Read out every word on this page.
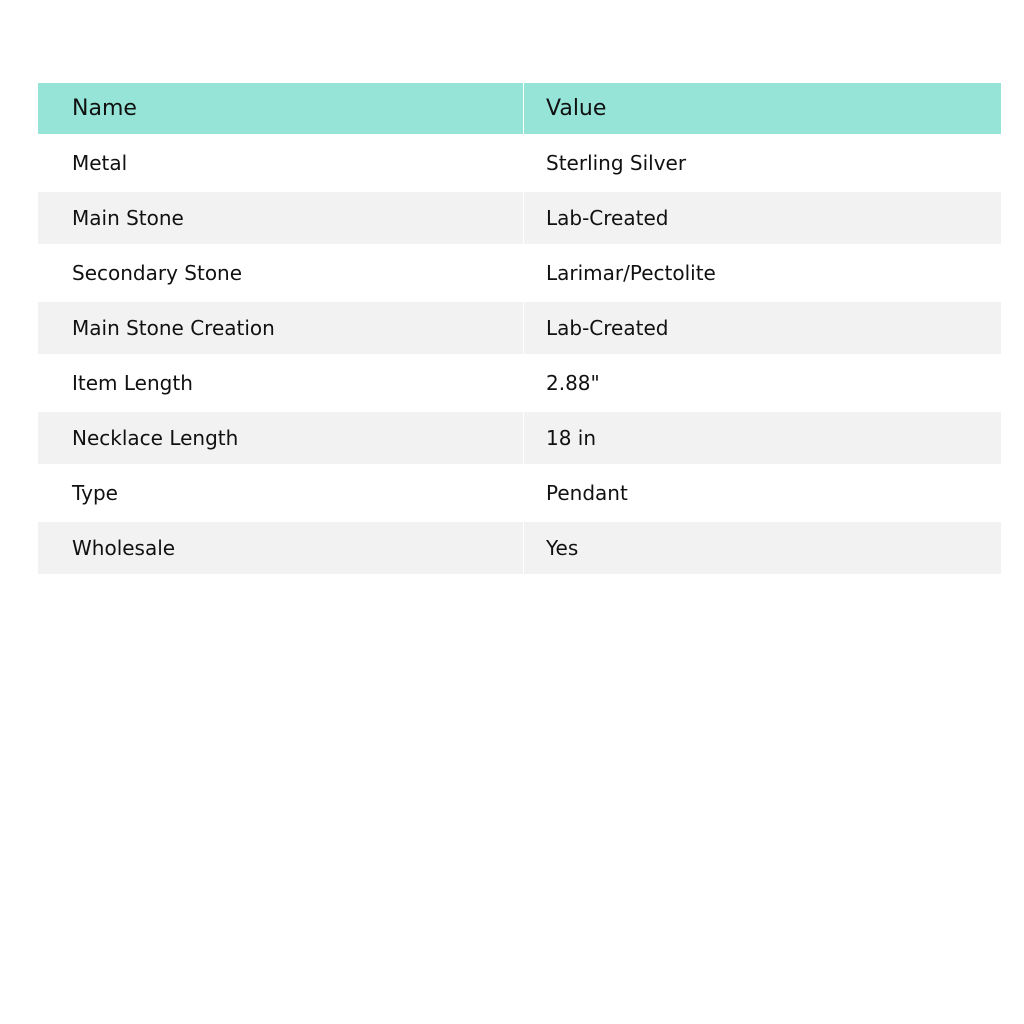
Name	Value
Metal	Sterling Silver
Main Stone	Lab-Created
Secondary Stone	Larimar/Pectolite
Main Stone Creation	Lab-Created
Item Length	2.88"
Necklace Length	18 in
Type	Pendant
Wholesale	Yes
